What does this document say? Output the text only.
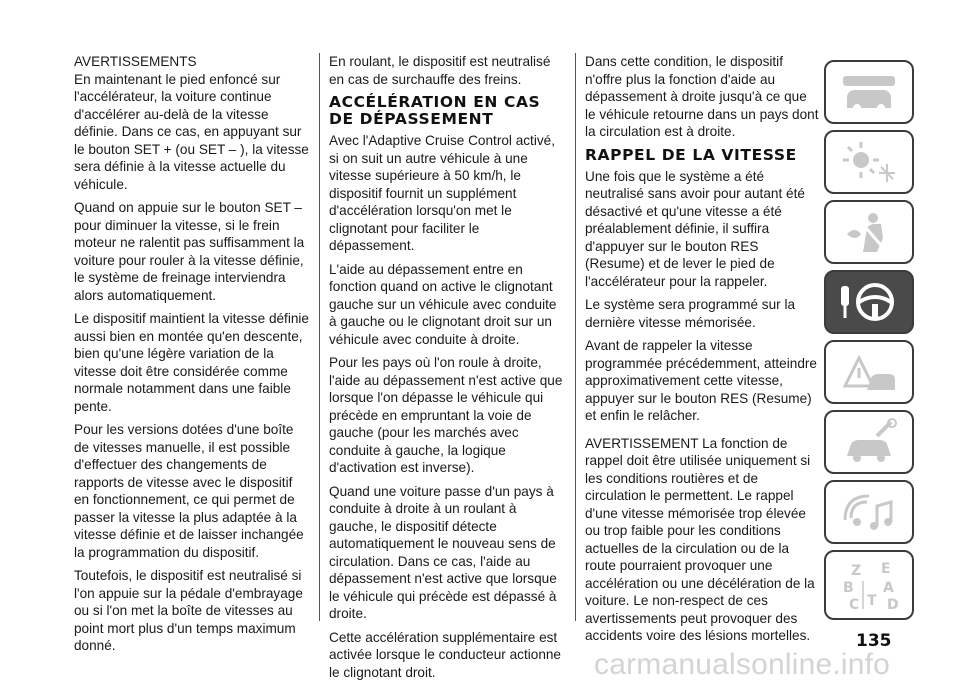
AVERTISSEMENTS

En maintenant le pied enfoncé sur l'accélérateur, la voiture continue d'accélérer au-delà de la vitesse définie. Dans ce cas, en appuyant sur le bouton SET + (ou SET – ), la vitesse sera définie à la vitesse actuelle du véhicule.

Quand on appuie sur le bouton SET – pour diminuer la vitesse, si le frein moteur ne ralentit pas suffisamment la voiture pour rouler à la vitesse définie, le système de freinage interviendra alors automatiquement.

Le dispositif maintient la vitesse définie aussi bien en montée qu'en descente, bien qu'une légère variation de la vitesse doit être considérée comme normale notamment dans une faible pente.

Pour les versions dotées d'une boîte de vitesses manuelle, il est possible d'effectuer des changements de rapports de vitesse avec le dispositif en fonctionnement, ce qui permet de passer la vitesse la plus adaptée à la vitesse définie et de laisser inchangée la programmation du dispositif.

Toutefois, le dispositif est neutralisé si l'on appuie sur la pédale d'embrayage ou si l'on met la boîte de vitesses au point mort plus d'un temps maximum donné.

En roulant, le dispositif est neutralisé en cas de surchauffe des freins.

ACCÉLÉRATION EN CAS DE DÉPASSEMENT

Avec l'Adaptive Cruise Control activé, si on suit un autre véhicule à une vitesse supérieure à 50 km/h, le dispositif fournit un supplément d'accélération lorsqu'on met le clignotant pour faciliter le dépassement.

L'aide au dépassement entre en fonction quand on active le clignotant gauche sur un véhicule avec conduite à gauche ou le clignotant droit sur un véhicule avec conduite à droite.

Pour les pays où l'on roule à droite, l'aide au dépassement n'est active que lorsque l'on dépasse le véhicule qui précède en empruntant la voie de gauche (pour les marchés avec conduite à gauche, la logique d'activation est inverse).

Quand une voiture passe d'un pays à conduite à droite à un roulant à gauche, le dispositif détecte automatiquement le nouveau sens de circulation. Dans ce cas, l'aide au dépassement n'est active que lorsque le véhicule qui précède est dépassé à droite.

Cette accélération supplémentaire est activée lorsque le conducteur actionne le clignotant droit.

Dans cette condition, le dispositif n'offre plus la fonction d'aide au dépassement à droite jusqu'à ce que le véhicule retourne dans un pays dont la circulation est à droite.

RAPPEL DE LA VITESSE

Une fois que le système a été neutralisé sans avoir pour autant été désactivé et qu'une vitesse a été préalablement définie, il suffira d'appuyer sur le bouton RES (Resume) et de lever le pied de l'accélérateur pour la rappeler.

Le système sera programmé sur la dernière vitesse mémorisée.

Avant de rappeler la vitesse programmée précédemment, atteindre approximativement cette vitesse, appuyer sur le bouton RES (Resume) et enfin le relâcher.

AVERTISSEMENT La fonction de rappel doit être utilisée uniquement si les conditions routières et de circulation le permettent. Le rappel d'une vitesse mémorisée trop élevée ou trop faible pour les conditions actuelles de la circulation ou de la route pourraient provoquer une accélération ou une décélération de la voiture. Le non-respect de ces avertissements peut provoquer des accidents voire des lésions mortelles.

Z E
B A
C T D
135
carmanualsonline.info
